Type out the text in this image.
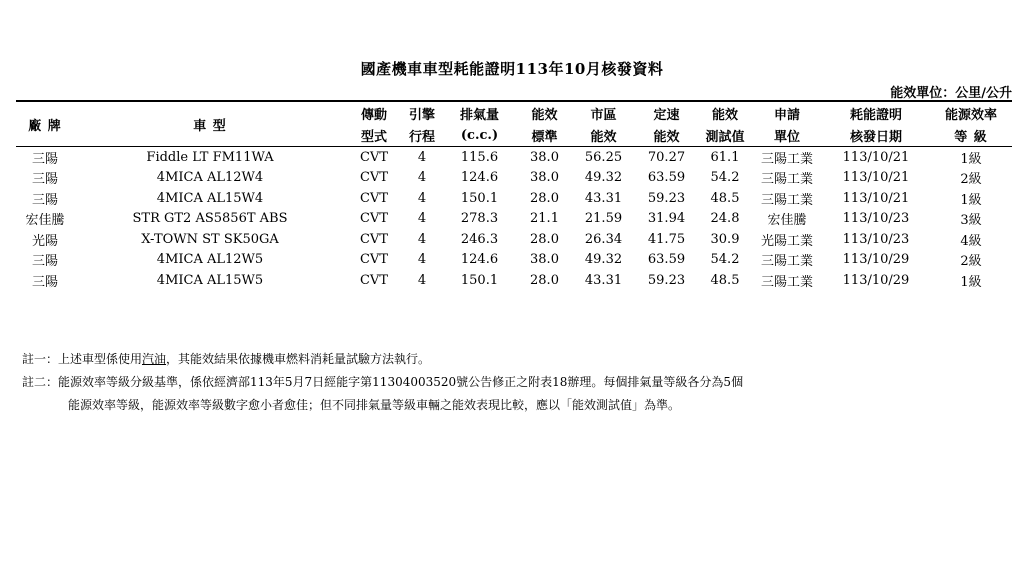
國產機車車型耗能證明113年10月核發資料
能效單位：公里/公升
廠 牌	車 型	傳動	引擎	排氣量	能效	市區	定速	能效	申請	耗能證明	能源效率
		型式	行程	(c.c.)	標準	能效	能效	測試值	單位	核發日期	等 級
三陽	Fiddle LT FM11WA	CVT	4	115.6	38.0	56.25	70.27	61.1	三陽工業	113/10/21	1級
三陽	4MICA AL12W4	CVT	4	124.6	38.0	49.32	63.59	54.2	三陽工業	113/10/21	2級
三陽	4MICA AL15W4	CVT	4	150.1	28.0	43.31	59.23	48.5	三陽工業	113/10/21	1級
宏佳騰	STR GT2 AS5856T ABS	CVT	4	278.3	21.1	21.59	31.94	24.8	宏佳騰	113/10/23	3級
光陽	X-TOWN ST SK50GA	CVT	4	246.3	28.0	26.34	41.75	30.9	光陽工業	113/10/23	4級
三陽	4MICA AL12W5	CVT	4	124.6	38.0	49.32	63.59	54.2	三陽工業	113/10/29	2級
三陽	4MICA AL15W5	CVT	4	150.1	28.0	43.31	59.23	48.5	三陽工業	113/10/29	1級
註一：上述車型係使用汽油，其能效結果依據機車燃料消耗量試驗方法執行。
註二：能源效率等級分級基準，係依經濟部113年5月7日經能字第11304003520號公告修正之附表18辦理。每個排氣量等級各分為5個
能源效率等級，能源效率等級數字愈小者愈佳；但不同排氣量等級車輛之能效表現比較，應以「能效測試值」為準。
